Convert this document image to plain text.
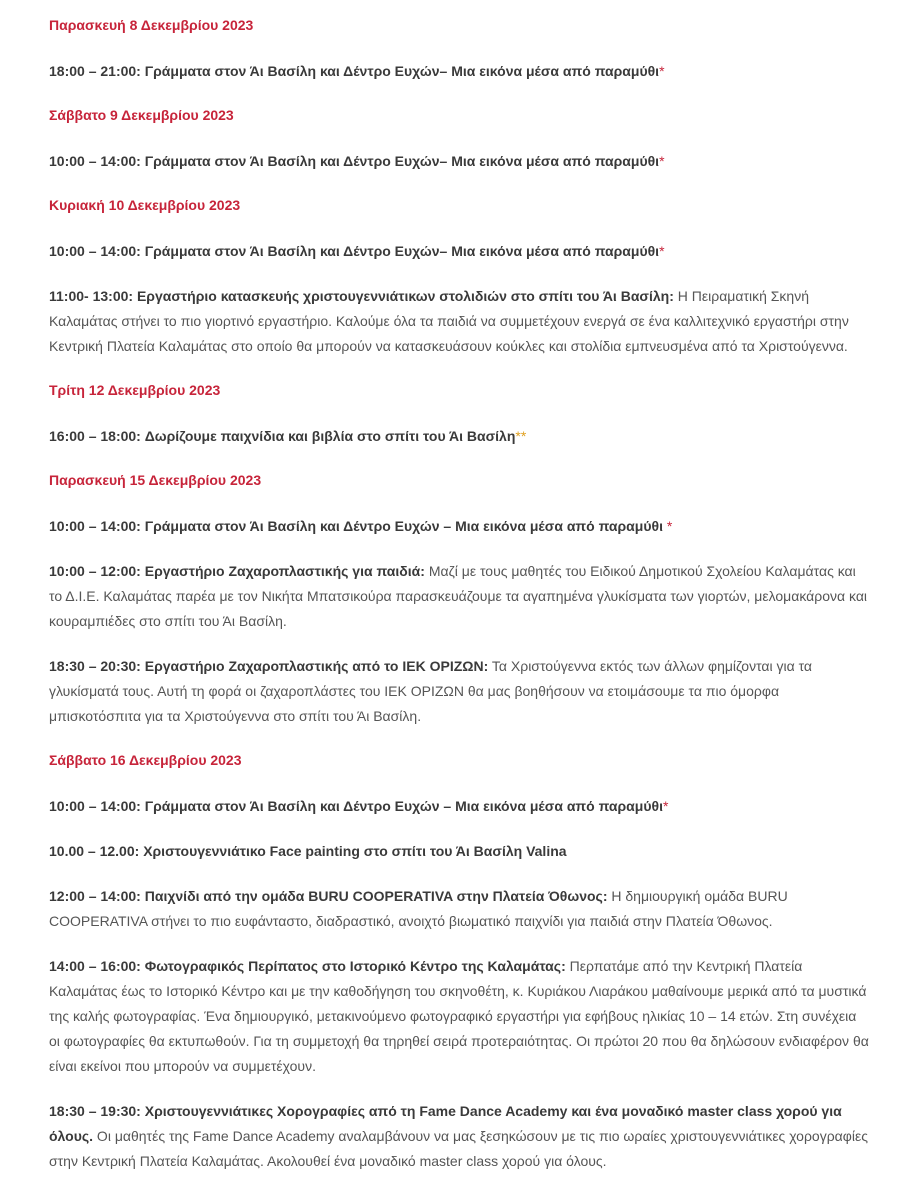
Παρασκευή 8 Δεκεμβρίου 2023
18:00 – 21:00: Γράμματα στον Άι Βασίλη και Δέντρο Ευχών– Μια εικόνα μέσα από παραμύθι*
Σάββατο 9 Δεκεμβρίου 2023
10:00 – 14:00: Γράμματα στον Άι Βασίλη και Δέντρο Ευχών– Μια εικόνα μέσα από παραμύθι*
Κυριακή 10 Δεκεμβρίου 2023
10:00 – 14:00: Γράμματα στον Άι Βασίλη και Δέντρο Ευχών– Μια εικόνα μέσα από παραμύθι*
11:00- 13:00: Εργαστήριο κατασκευής χριστουγεννιάτικων στολιδιών στο σπίτι του Άι Βασίλη: Η Πειραματική Σκηνή Καλαμάτας στήνει το πιο γιορτινό εργαστήριο. Καλούμε όλα τα παιδιά να συμμετέχουν ενεργά σε ένα καλλιτεχνικό εργαστήρι στην Κεντρική Πλατεία Καλαμάτας στο οποίο θα μπορούν να κατασκευάσουν κούκλες και στολίδια εμπνευσμένα από τα Χριστούγεννα.
Τρίτη 12 Δεκεμβρίου 2023
16:00 – 18:00: Δωρίζουμε παιχνίδια και βιβλία στο σπίτι του Άι Βασίλη**
Παρασκευή 15 Δεκεμβρίου 2023
10:00 – 14:00: Γράμματα στον Άι Βασίλη και Δέντρο Ευχών – Μια εικόνα μέσα από παραμύθι *
10:00 – 12:00: Εργαστήριο Ζαχαροπλαστικής για παιδιά: Μαζί με τους μαθητές του Ειδικού Δημοτικού Σχολείου Καλαμάτας και το Δ.Ι.Ε. Καλαμάτας παρέα με τον Νικήτα Μπατσικούρα παρασκευάζουμε τα αγαπημένα γλυκίσματα των γιορτών, μελομακάρονα και κουραμπιέδες στο σπίτι του Άι Βασίλη.
18:30 – 20:30: Εργαστήριο Ζαχαροπλαστικής από το ΙΕΚ ΟΡΙΖΩΝ: Τα Χριστούγεννα εκτός των άλλων φημίζονται για τα γλυκίσματά τους. Αυτή τη φορά οι ζαχαροπλάστες του ΙΕΚ ΟΡΙΖΩΝ θα μας βοηθήσουν να ετοιμάσουμε τα πιο όμορφα μπισκοτόσπιτα για τα Χριστούγεννα στο σπίτι του Άι Βασίλη.
Σάββατο 16 Δεκεμβρίου 2023
10:00 – 14:00: Γράμματα στον Άι Βασίλη και Δέντρο Ευχών – Μια εικόνα μέσα από παραμύθι*
10.00 – 12.00: Χριστουγεννιάτικο Face painting στο σπίτι του Άι Βασίλη Valina
12:00 – 14:00: Παιχνίδι από την ομάδα BURU COOPERATIVA στην Πλατεία Όθωνος: Η δημιουργική ομάδα BURU COOPERATIVA στήνει το πιο ευφάνταστο, διαδραστικό, ανοιχτό βιωματικό παιχνίδι για παιδιά στην Πλατεία Όθωνος.
14:00 – 16:00: Φωτογραφικός Περίπατος στο Ιστορικό Κέντρο της Καλαμάτας: Περπατάμε από την Κεντρική Πλατεία Καλαμάτας έως το Ιστορικό Κέντρο και με την καθοδήγηση του σκηνοθέτη, κ. Κυριάκου Λιαράκου μαθαίνουμε μερικά από τα μυστικά της καλής φωτογραφίας. Ένα δημιουργικό, μετακινούμενο φωτογραφικό εργαστήρι για εφήβους ηλικίας 10 – 14 ετών. Στη συνέχεια οι φωτογραφίες θα εκτυπωθούν. Για τη συμμετοχή θα τηρηθεί σειρά προτεραιότητας. Οι πρώτοι 20 που θα δηλώσουν ενδιαφέρον θα είναι εκείνοι που μπορούν να συμμετέχουν.
18:30 – 19:30: Χριστουγεννιάτικες Χορογραφίες από τη Fame Dance Academy και ένα μοναδικό master class χορού για όλους. Οι μαθητές της Fame Dance Academy αναλαμβάνουν να μας ξεσηκώσουν με τις πιο ωραίες χριστουγεννιάτικες χορογραφίες στην Κεντρική Πλατεία Καλαμάτας. Ακολουθεί ένα μοναδικό master class χορού για όλους.
